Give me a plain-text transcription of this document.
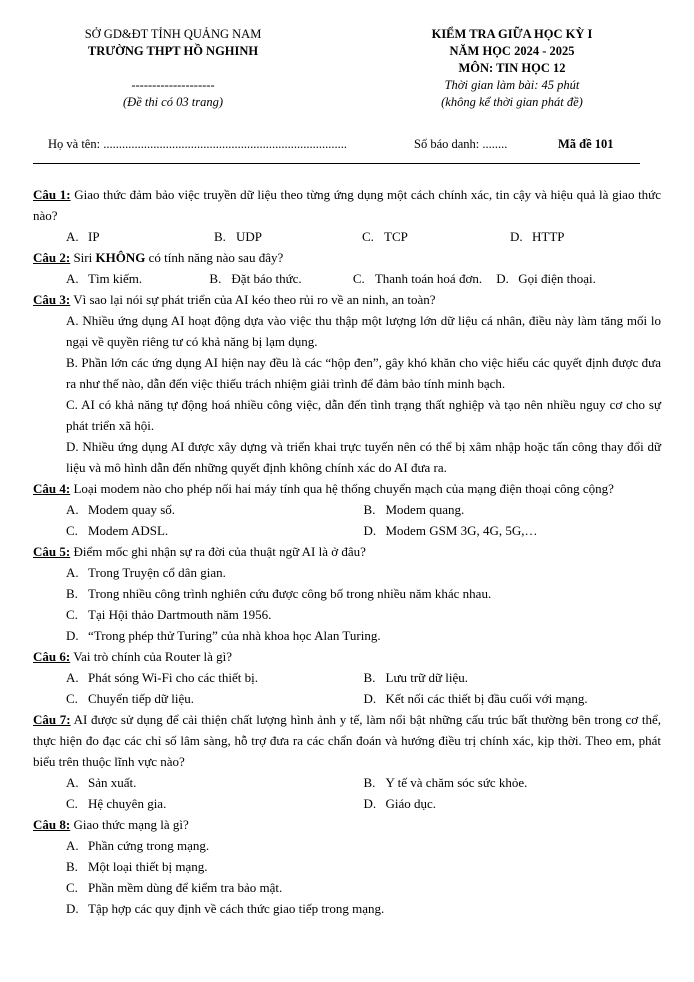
SỞ GD&ĐT TỈNH QUẢNG NAM
TRƯỜNG THPT HỒ NGHINH
--------------------
(Đề thi có 03 trang)
KIỂM TRA GIỮA HỌC KỲ I
NĂM HỌC 2024 - 2025
MÔN: TIN HỌC 12
Thời gian làm bài: 45 phút
(không kể thời gian phát đề)
Họ và tên: ..............................................................................	Số báo danh: ........	Mã đề 101

Câu 1: Giao thức đảm bảo việc truyền dữ liệu theo từng ứng dụng một cách chính xác, tin cậy và hiệu quả là giao thức nào?

A. IP	B. UDP	C. TCP	D. HTTP

Câu 2: Siri KHÔNG có tính năng nào sau đây?

A. Tìm kiếm.	B. Đặt báo thức.	C. Thanh toán hoá đơn.	D. Gọi điện thoại.

Câu 3: Vì sao lại nói sự phát triển của AI kéo theo rủi ro về an ninh, an toàn?

A. Nhiều ứng dụng AI hoạt động dựa vào việc thu thập một lượng lớn dữ liệu cá nhân, điều này làm tăng mối lo ngại về quyền riêng tư có khả năng bị lạm dụng.

B. Phần lớn các ứng dụng AI hiện nay đều là các “hộp đen”, gây khó khăn cho việc hiểu các quyết định được đưa ra như thế nào, dẫn đến việc thiếu trách nhiệm giải trình để đảm bảo tính minh bạch.

C. AI có khả năng tự động hoá nhiều công việc, dẫn đến tình trạng thất nghiệp và tạo nên nhiều nguy cơ cho sự phát triển xã hội.

D. Nhiều ứng dụng AI được xây dựng và triển khai trực tuyến nên có thể bị xâm nhập hoặc tấn công thay đổi dữ liệu và mô hình dẫn đến những quyết định không chính xác do AI đưa ra.

Câu 4: Loại modem nào cho phép nối hai máy tính qua hệ thống chuyển mạch của mạng điện thoại công cộng?

A. Modem quay số.	B. Modem quang.
C. Modem ADSL.	D. Modem GSM 3G, 4G, 5G,…

Câu 5: Điểm mốc ghi nhận sự ra đời của thuật ngữ AI là ở đâu?

A. Trong Truyện cổ dân gian.
B. Trong nhiều công trình nghiên cứu được công bố trong nhiều năm khác nhau.
C. Tại Hội thảo Dartmouth năm 1956.
D. “Trong phép thử Turing” của nhà khoa học Alan Turing.

Câu 6: Vai trò chính của Router là gì?

A. Phát sóng Wi-Fi cho các thiết bị.	B. Lưu trữ dữ liệu.
C. Chuyển tiếp dữ liệu.	D. Kết nối các thiết bị đầu cuối với mạng.

Câu 7: AI được sử dụng để cải thiện chất lượng hình ảnh y tế, làm nổi bật những cấu trúc bất thường bên trong cơ thể, thực hiện đo đạc các chỉ số lâm sàng, hỗ trợ đưa ra các chẩn đoán và hướng điều trị chính xác, kịp thời. Theo em, phát biểu trên thuộc lĩnh vực nào?

A. Sản xuất.	B. Y tế và chăm sóc sức khỏe.
C. Hệ chuyên gia.	D. Giáo dục.

Câu 8: Giao thức mạng là gì?

A. Phần cứng trong mạng.
B. Một loại thiết bị mạng.
C. Phần mềm dùng để kiểm tra bảo mật.
D. Tập hợp các quy định về cách thức giao tiếp trong mạng.
